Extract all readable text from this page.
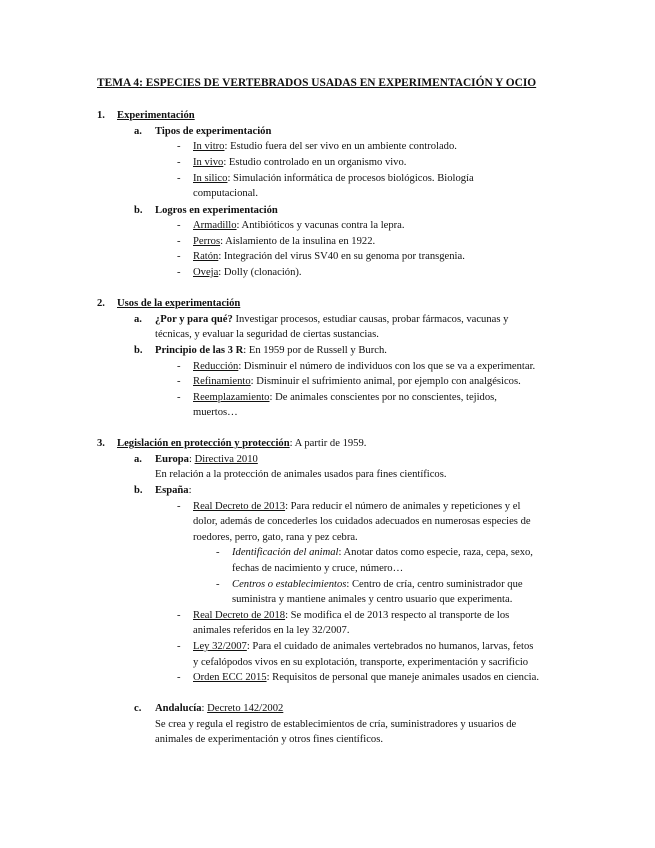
TEMA 4: ESPECIES DE VERTEBRADOS USADAS EN EXPERIMENTACIÓN Y OCIO
1. Experimentación
a. Tipos de experimentación
- In vitro: Estudio fuera del ser vivo en un ambiente controlado.
- In vivo: Estudio controlado en un organismo vivo.
- In silico: Simulación informática de procesos biológicos. Biología
computacional.
b. Logros en experimentación
- Armadillo: Antibióticos y vacunas contra la lepra.
- Perros: Aislamiento de la insulina en 1922.
- Ratón: Integración del virus SV40 en su genoma por transgenia.
- Oveja: Dolly (clonación).
2. Usos de la experimentación
a. ¿Por y para qué? Investigar procesos, estudiar causas, probar fármacos, vacunas y
técnicas, y evaluar la seguridad de ciertas sustancias.
b. Principio de las 3 R: En 1959 por de Russell y Burch.
- Reducción: Disminuir el número de individuos con los que se va a experimentar.
- Refinamiento: Disminuir el sufrimiento animal, por ejemplo con analgésicos.
- Reemplazamiento: De animales conscientes por no conscientes, tejidos,
muertos…
3. Legislación en protección y protección: A partir de 1959.
a. Europa: Directiva 2010
En relación a la protección de animales usados para fines científicos.
b. España:
- Real Decreto de 2013: Para reducir el número de animales y repeticiones y el
dolor, además de concederles los cuidados adecuados en numerosas especies de
roedores, perro, gato, rana y pez cebra.
- Identificación del animal: Anotar datos como especie, raza, cepa, sexo,
fechas de nacimiento y cruce, número…
- Centros o establecimientos: Centro de cría, centro suministrador que
suministra y mantiene animales y centro usuario que experimenta.
- Real Decreto de 2018: Se modifica el de 2013 respecto al transporte de los
animales referidos en la ley 32/2007.
- Ley 32/2007: Para el cuidado de animales vertebrados no humanos, larvas, fetos
y cefalópodos vivos en su explotación, transporte, experimentación y sacrificio
- Orden ECC 2015: Requisitos de personal que maneje animales usados en ciencia.
c. Andalucía: Decreto 142/2002
Se crea y regula el registro de establecimientos de cría, suministradores y usuarios de
animales de experimentación y otros fines científicos.
